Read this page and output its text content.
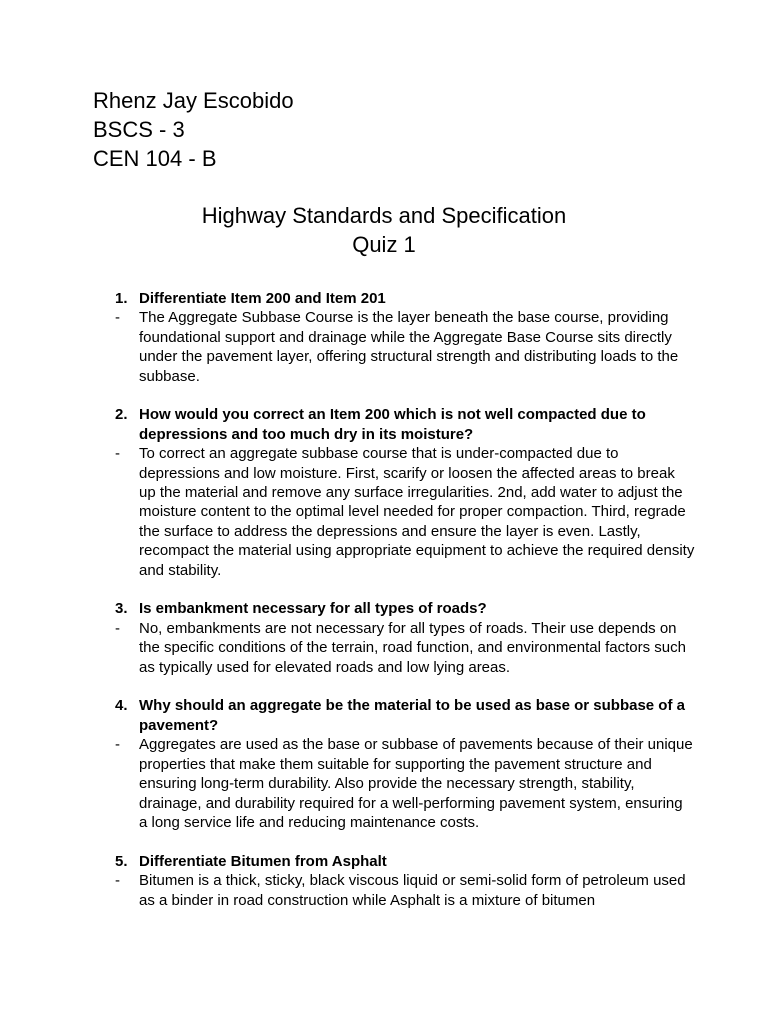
Rhenz Jay Escobido
BSCS - 3
CEN 104 - B
Highway Standards and Specification
Quiz 1
1. Differentiate Item 200 and Item 201
-	The Aggregate Subbase Course is the layer beneath the base course, providing foundational support and drainage while the Aggregate Base Course sits directly under the pavement layer, offering structural strength and distributing loads to the subbase.
2. How would you correct an Item 200 which is not well compacted due to depressions and too much dry in its moisture?
-	To correct an aggregate subbase course that is under-compacted due to depressions and low moisture. First, scarify or loosen the affected areas to break up the material and remove any surface irregularities. 2nd, add water to adjust the moisture content to the optimal level needed for proper compaction. Third, regrade the surface to address the depressions and ensure the layer is even. Lastly, recompact the material using appropriate equipment to achieve the required density and stability.
3. Is embankment necessary for all types of roads?
-	No, embankments are not necessary for all types of roads. Their use depends on the specific conditions of the terrain, road function, and environmental factors such as typically used for elevated roads and low lying areas.
4. Why should an aggregate be the material to be used as base or subbase of a pavement?
-	Aggregates are used as the base or subbase of pavements because of their unique properties that make them suitable for supporting the pavement structure and ensuring long-term durability. Also provide the necessary strength, stability, drainage, and durability required for a well-performing pavement system, ensuring a long service life and reducing maintenance costs.
5. Differentiate Bitumen from Asphalt
-	Bitumen is a thick, sticky, black viscous liquid or semi-solid form of petroleum used as a binder in road construction while Asphalt is a mixture of bitumen
